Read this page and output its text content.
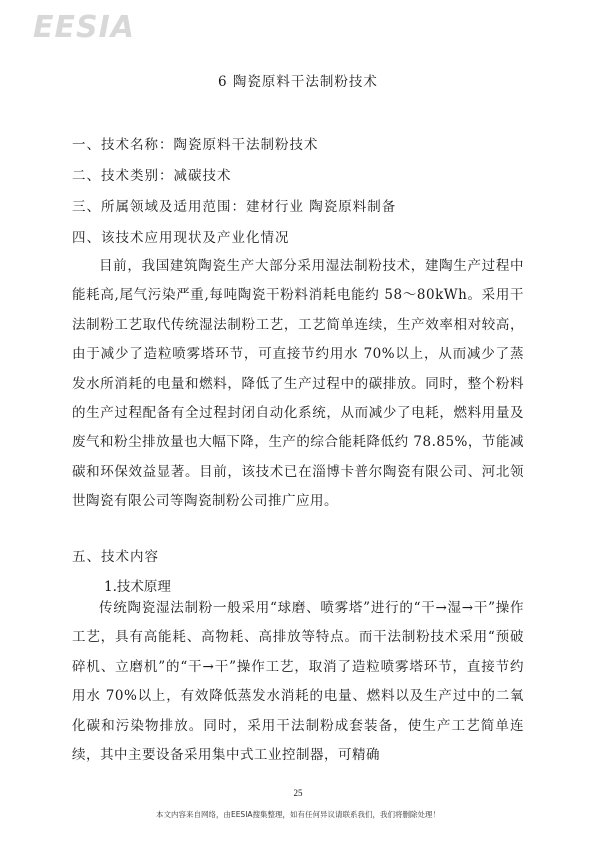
EESIA
6 陶瓷原料干法制粉技术
一、技术名称：陶瓷原料干法制粉技术
二、技术类别：减碳技术
三、所属领域及适用范围：建材行业 陶瓷原料制备
四、该技术应用现状及产业化情况

目前，我国建筑陶瓷生产大部分采用湿法制粉技术，建陶生产过程中能耗高,尾气污染严重,每吨陶瓷干粉料消耗电能约 58～80kWh。采用干法制粉工艺取代传统湿法制粉工艺，工艺简单连续，生产效率相对较高，由于减少了造粒喷雾塔环节，可直接节约用水 70%以上，从而减少了蒸发水所消耗的电量和燃料，降低了生产过程中的碳排放。同时，整个粉料的生产过程配备有全过程封闭自动化系统，从而减少了电耗，燃料用量及废气和粉尘排放量也大幅下降，生产的综合能耗降低约 78.85%，节能减碳和环保效益显著。目前，该技术已在淄博卡普尔陶瓷有限公司、河北领世陶瓷有限公司等陶瓷制粉公司推广应用。

五、技术内容
1.技术原理

传统陶瓷湿法制粉一般采用“球磨、喷雾塔”进行的“干→湿→干”操作工艺，具有高能耗、高物耗、高排放等特点。而干法制粉技术采用“预破碎机、立磨机”的“干→干”操作工艺，取消了造粒喷雾塔环节，直接节约用水 70%以上，有效降低蒸发水消耗的电量、燃料以及生产过中的二氧化碳和污染物排放。同时，采用干法制粉成套装备，使生产工艺简单连续，其中主要设备采用集中式工业控制器，可精确

25
本文内容来自网络，由EESIA搜集整理，如有任何异议请联系我们，我们将删除处理！
